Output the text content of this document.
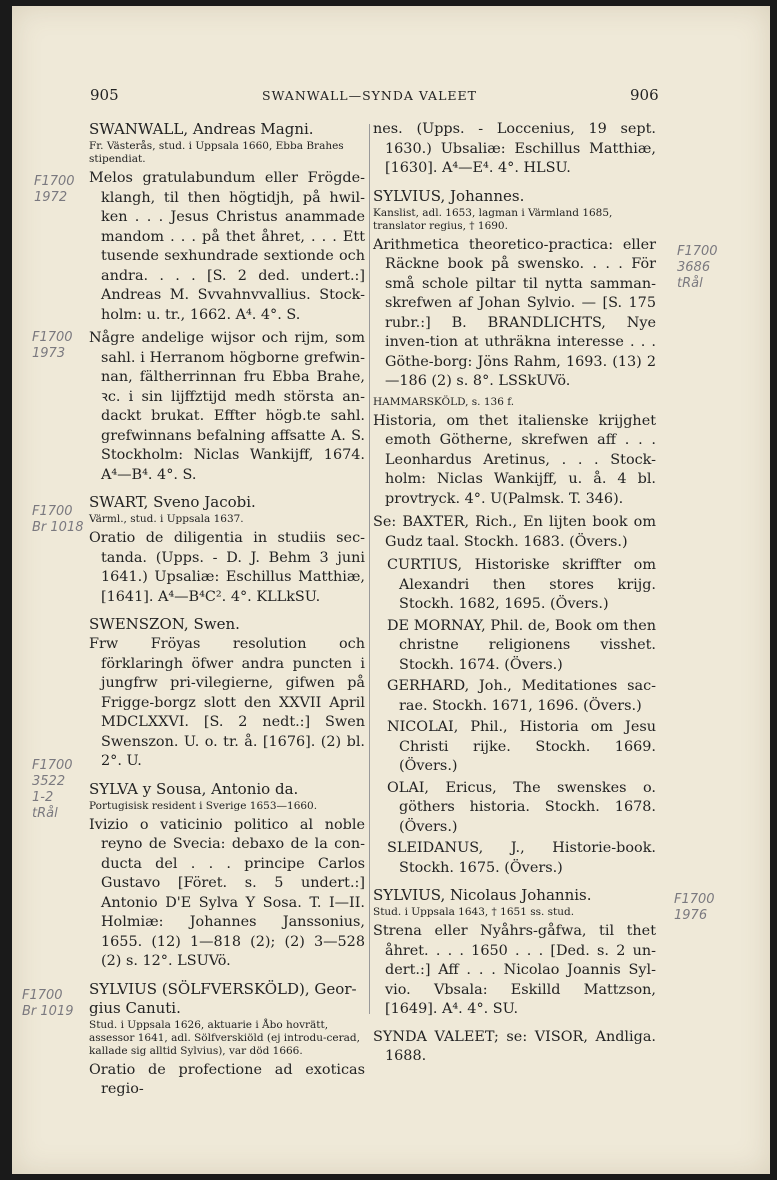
905	SWANWALL—SYNDA VALEET	906
SWANWALL, Andreas Magni.
Fr. Västerås, stud. i Uppsala 1660, Ebba Brahes stipendiat.
Melos gratulabundum eller Frögde-klangh, til then högtidjh, på hwil-ken . . . Jesus Christus anammade mandom . . . på thet åhret, . . . Ett tusende sexhundrade sextionde och andra. . . . [S. 2 ded. undert.:] Andreas M. Svvahnvvallius. Stock-holm: u. tr., 1662. A⁴. 4°. S.
Någre andelige wijsor och rijm, som sahl. i Herranom högborne grefwin-nan, fältherrinnan fru Ebba Brahe, ꝛc. i sin lijffztijd medh största an-dackt brukat. Effter högb.te sahl. grefwinnans befalning affsatte A. S. Stockholm: Niclas Wankijff, 1674. A⁴—B⁴. 4°. S.
SWART, Sveno Jacobi.
Värml., stud. i Uppsala 1637.
Oratio de diligentia in studiis sec-tanda. (Upps. - D. J. Behm 3 juni 1641.) Upsaliæ: Eschillus Matthiæ, [1641]. A⁴—B⁴C². 4°. KLLkSU.
SWENSZON, Swen.
Frw Fröyas resolution och förklaringh öfwer andra puncten i jungfrw pri-vilegierne, gifwen på Frigge-borgz slott den XXVII April MDCLXXVI. [S. 2 nedt.:] Swen Swenszon. U. o. tr. å. [1676]. (2) bl. 2°. U.
SYLVA y Sousa, Antonio da.
Portugisisk resident i Sverige 1653—1660.
Ivizio o vaticinio politico al noble reyno de Svecia: debaxo de la con-ducta del . . . principe Carlos Gustavo [Föret. s. 5 undert.:] Antonio D'E Sylva Y Sosa. T. I—II. Holmiæ: Johannes Janssonius, 1655. (12) 1—818 (2); (2) 3—528 (2) s. 12°. LSUVö.
SYLVIUS (SÖLFVERSKÖLD), Geor-gius Canuti.
Stud. i Uppsala 1626, aktuarie i Åbo hovrätt, assessor 1641, adl. Sölfverskiöld (ej introdu-cerad, kallade sig alltid Sylvius), var död 1666.
Oratio de profectione ad exoticas regio-
nes. (Upps. - Loccenius, 19 sept. 1630.) Ubsaliæ: Eschillus Matthiæ, [1630]. A⁴—E⁴. 4°. HLSU.
SYLVIUS, Johannes.
Kanslist, adl. 1653, lagman i Värmland 1685, translator regius, † 1690.
Arithmetica theoretico-practica: eller Räckne book på swensko. . . . För små schole piltar til nytta samman-skrefwen af Johan Sylvio. — [S. 175 rubr.:] B. BRANDLICHTS, Nye inven-tion at uthräkna interesse . . . Göthe-borg: Jöns Rahm, 1693. (13) 2—186 (2) s. 8°. LSSkUVö.
HAMMARSKÖLD, s. 136 f.
Historia, om thet italienske krijghet emoth Götherne, skrefwen aff . . . Leonhardus Aretinus, . . . Stock-holm: Niclas Wankijff, u. å. 4 bl. provtryck. 4°. U(Palmsk. T. 346).
Se: BAXTER, Rich., En lijten book om Gudz taal. Stockh. 1683. (Övers.)
CURTIUS, Historiske skriffter om Alexandri then stores krijg. Stockh. 1682, 1695. (Övers.)
DE MORNAY, Phil. de, Book om then christne religionens visshet. Stockh. 1674. (Övers.)
GERHARD, Joh., Meditationes sac-rae. Stockh. 1671, 1696. (Övers.)
NICOLAI, Phil., Historia om Jesu Christi rijke. Stockh. 1669. (Övers.)
OLAI, Ericus, The swenskes o. göthers historia. Stockh. 1678. (Övers.)
SLEIDANUS, J., Historie-book. Stockh. 1675. (Övers.)
SYLVIUS, Nicolaus Johannis.
Stud. i Uppsala 1643, † 1651 ss. stud.
Strena eller Nyåhrs-gåfwa, til thet åhret. . . . 1650 . . . [Ded. s. 2 un-dert.:] Aff . . . Nicolao Joannis Syl-vio. Vbsala: Eskilld Mattzson, [1649]. A⁴. 4°. SU.
SYNDA VALEET; se: VISOR, Andliga. 1688.
F1700
1972
F1700
1973
F1700
Br 1018
F1700
3522
1-2
tRål
F1700
Br 1019
F1700
3686
tRål
F1700
1976
